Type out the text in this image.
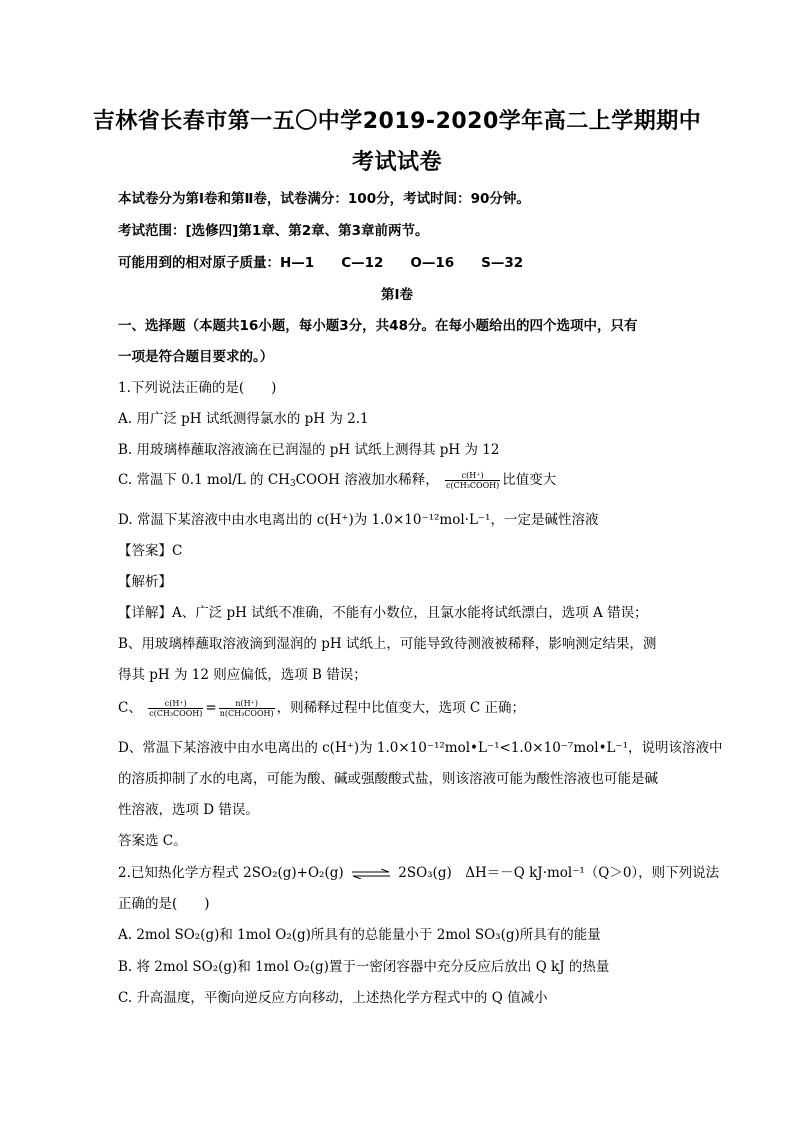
吉林省长春市第一五〇中学2019-2020学年高二上学期期中
考试试卷
本试卷分为第Ⅰ卷和第Ⅱ卷，试卷满分：100分，考试时间：90分钟。
考试范围：[选修四]第1章、第2章、第3章前两节。
可能用到的相对原子质量：H—1　　C—12　　O—16　　S—32
第Ⅰ卷
一、选择题（本题共16小题，每小题3分，共48分。在每小题给出的四个选项中，只有
一项是符合题目要求的。）
1.下列说法正确的是(　　)
A. 用广泛 pH 试纸测得氯水的 pH 为 2.1
B. 用玻璃棒蘸取溶液滴在已润湿的 pH 试纸上测得其 pH 为 12
C. 常温下 0.1 mol/L 的 $CH_3COOH$ 溶液加水稀释， $\frac{c(H^+)}{\text{c(CH₃COOH)}}$ 比值变大
D. 常温下某溶液中由水电离出的 c(H⁺)为 1.0×10⁻¹²mol·L⁻¹，一定是碱性溶液
【答案】C
【解析】
【详解】A、广泛 pH 试纸不准确，不能有小数位，且氯水能将试纸漂白，选项 A 错误；
B、用玻璃棒蘸取溶液滴到湿润的 pH 试纸上，可能导致待测液被稀释，影响测定结果，测
得其 pH 为 12 则应偏低，选项 B 错误；
C、 $\frac{c(H^+)}{\text{c(CH₃COOH)}} = \frac{n(H^+)}{\text{n(CH₃COOH)}}$ ，则稀释过程中比值变大，选项 C 正确；
D、常温下某溶液中由水电离出的 c(H⁺)为 1.0×10⁻¹²mol•L⁻¹<1.0×10⁻⁷mol•L⁻¹，说明该溶液中
的溶质抑制了水的电离，可能为酸、碱或强酸酸式盐，则该溶液可能为酸性溶液也可能是碱
性溶液，选项 D 错误。
答案选 C。
2.已知热化学方程式 2SO₂(g)+O₂(g) ⇌ 2SO₃(g)　ΔH＝－Q kJ·mol⁻¹（Q＞0），则下列说法
正确的是(　　)
A. 2mol SO₂(g)和 1mol O₂(g)所具有的总能量小于 2mol SO₃(g)所具有的能量
B. 将 2mol SO₂(g)和 1mol O₂(g)置于一密闭容器中充分反应后放出 Q kJ 的热量
C. 升高温度，平衡向逆反应方向移动，上述热化学方程式中的 Q 值减小
